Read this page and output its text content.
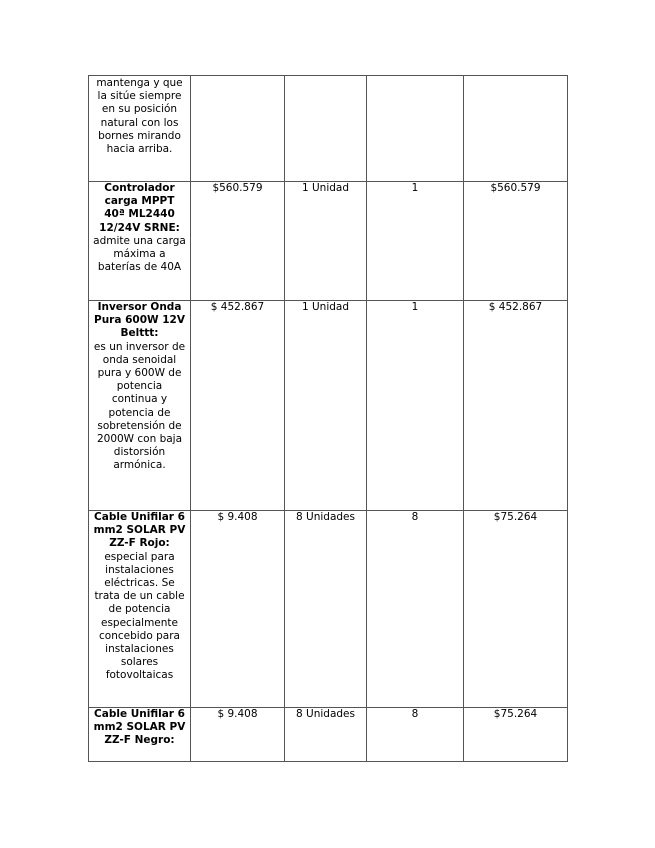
mantenga y que la sitúe siempre en su posición natural con los bornes mirando hacia arriba.				

Controlador carga MPPT 40ª ML2440 12/24V SRNE:
admite una carga máxima a baterías de 40A	$560.579	1 Unidad	1	$560.579

Inversor Onda Pura 600W 12V Belttt:
es un inversor de onda senoidal pura y 600W de potencia continua y potencia de sobretensión de 2000W con baja distorsión armónica.	$ 452.867	1 Unidad	1	$ 452.867

Cable Unifilar 6 mm2 SOLAR PV ZZ-F Rojo:
especial para instalaciones eléctricas. Se trata de un cable de potencia especialmente concebido para instalaciones solares fotovoltaicas	$ 9.408	8 Unidades	8	$75.264

Cable Unifilar 6 mm2 SOLAR PV ZZ-F Negro:	$ 9.408	8 Unidades	8	$75.264
